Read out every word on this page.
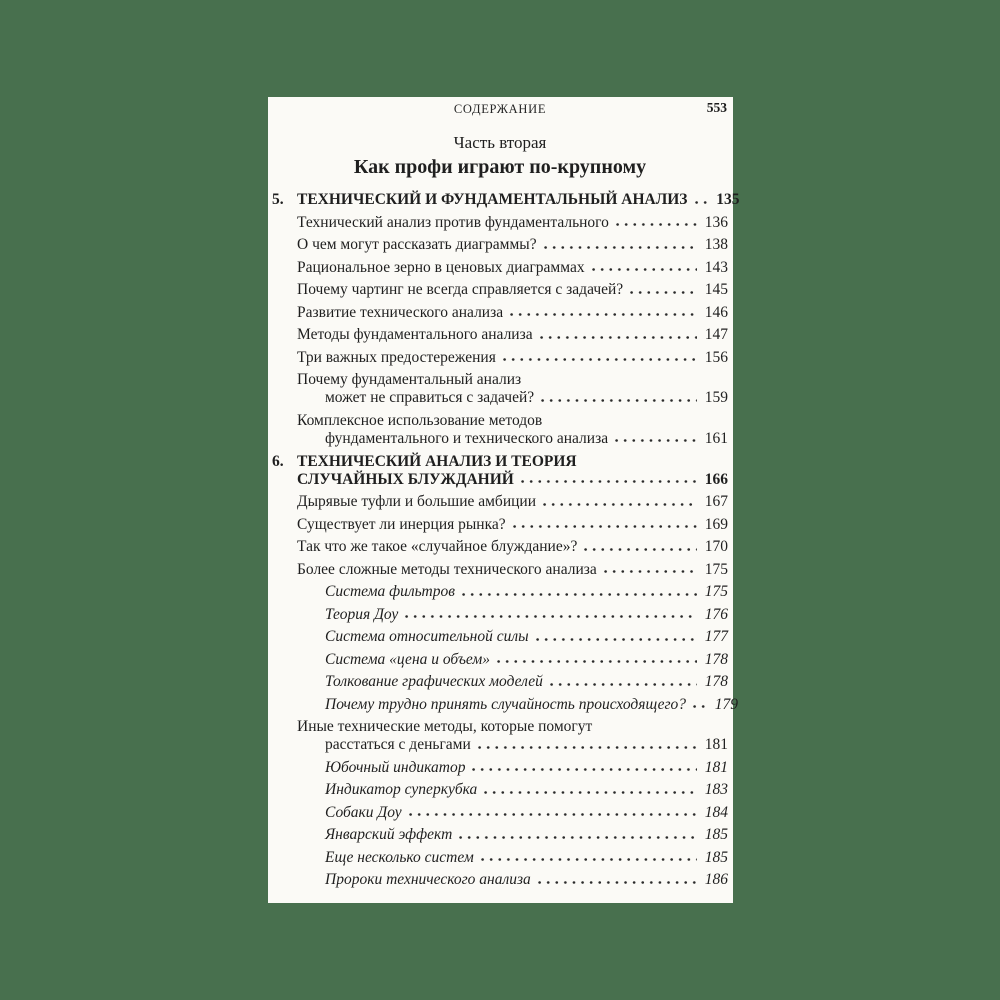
СОДЕРЖАНИЕ	553
Часть вторая
Как профи играют по-крупному
5. ТЕХНИЧЕСКИЙ И ФУНДАМЕНТАЛЬНЫЙ АНАЛИЗ	135
Технический анализ против фундаментального	136
О чем могут рассказать диаграммы?	138
Рациональное зерно в ценовых диаграммах	143
Почему чартинг не всегда справляется с задачей?	145
Развитие технического анализа	146
Методы фундаментального анализа	147
Три важных предостережения	156
Почему фундаментальный анализ
может не справиться с задачей?	159
Комплексное использование методов
фундаментального и технического анализа	161
6. ТЕХНИЧЕСКИЙ АНАЛИЗ И ТЕОРИЯ
СЛУЧАЙНЫХ БЛУЖДАНИЙ	166
Дырявые туфли и большие амбиции	167
Существует ли инерция рынка?	169
Так что же такое «случайное блуждание»?	170
Более сложные методы технического анализа	175
Система фильтров	175
Теория Доу	176
Система относительной силы	177
Система «цена и объем»	178
Толкование графических моделей	178
Почему трудно принять случайность происходящего?	179
Иные технические методы, которые помогут
расстаться с деньгами	181
Юбочный индикатор	181
Индикатор суперкубка	183
Собаки Доу	184
Январский эффект	185
Еще несколько систем	185
Пророки технического анализа	186
